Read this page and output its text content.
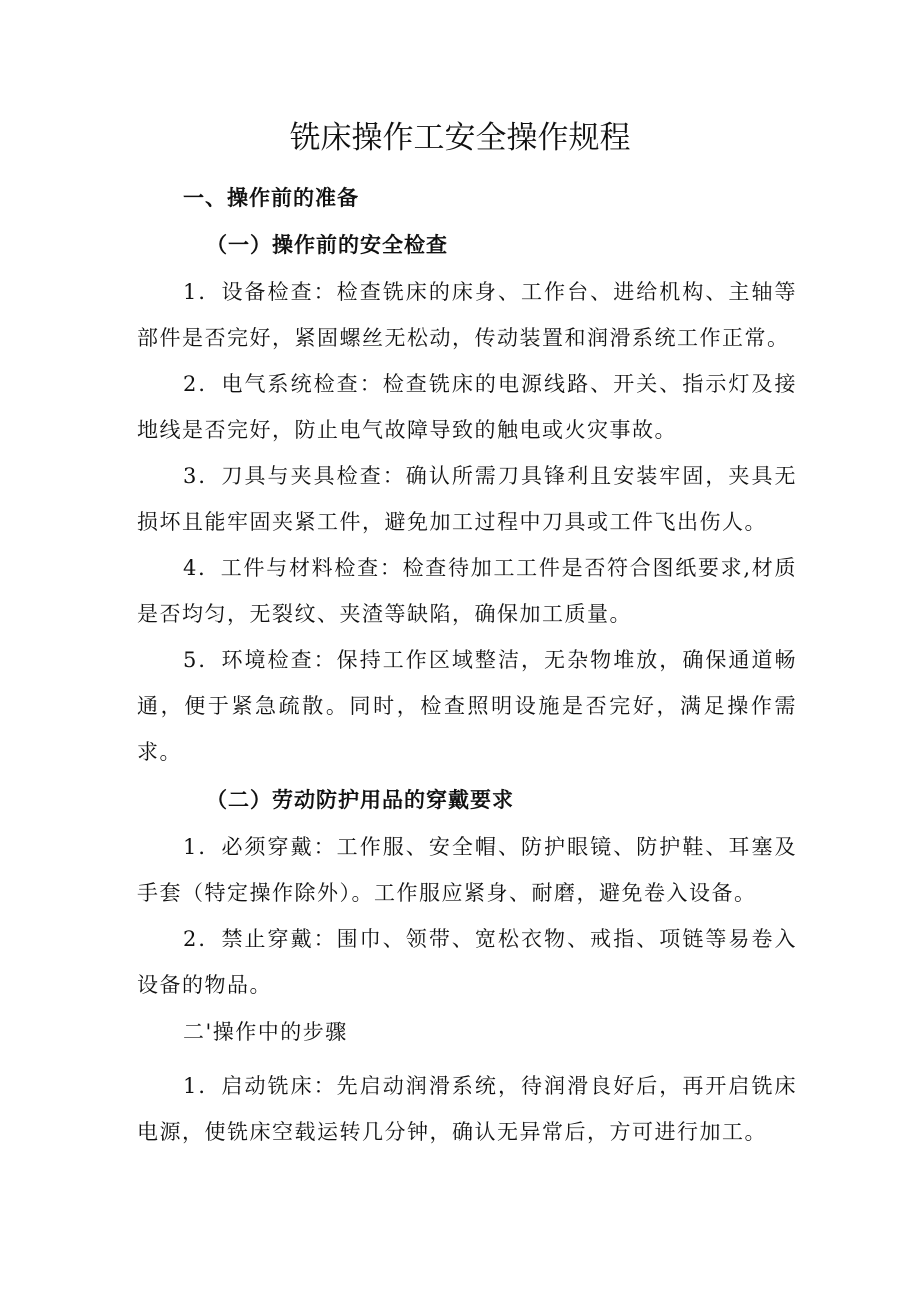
铣床操作工安全操作规程
一、操作前的准备
（一）操作前的安全检查
1．设备检查：检查铣床的床身、工作台、进给机构、主轴等部件是否完好，紧固螺丝无松动，传动装置和润滑系统工作正常。
2．电气系统检查：检查铣床的电源线路、开关、指示灯及接地线是否完好，防止电气故障导致的触电或火灾事故。
3．刀具与夹具检查：确认所需刀具锋利且安装牢固，夹具无损坏且能牢固夹紧工件，避免加工过程中刀具或工件飞出伤人。
4．工件与材料检查：检查待加工工件是否符合图纸要求,材质是否均匀，无裂纹、夹渣等缺陷，确保加工质量。
5．环境检查：保持工作区域整洁，无杂物堆放，确保通道畅通，便于紧急疏散。同时，检查照明设施是否完好，满足操作需求。
（二）劳动防护用品的穿戴要求
1．必须穿戴：工作服、安全帽、防护眼镜、防护鞋、耳塞及手套（特定操作除外）。工作服应紧身、耐磨，避免卷入设备。
2．禁止穿戴：围巾、领带、宽松衣物、戒指、项链等易卷入设备的物品。
二'操作中的步骤
1．启动铣床：先启动润滑系统，待润滑良好后，再开启铣床电源，使铣床空载运转几分钟，确认无异常后，方可进行加工。
